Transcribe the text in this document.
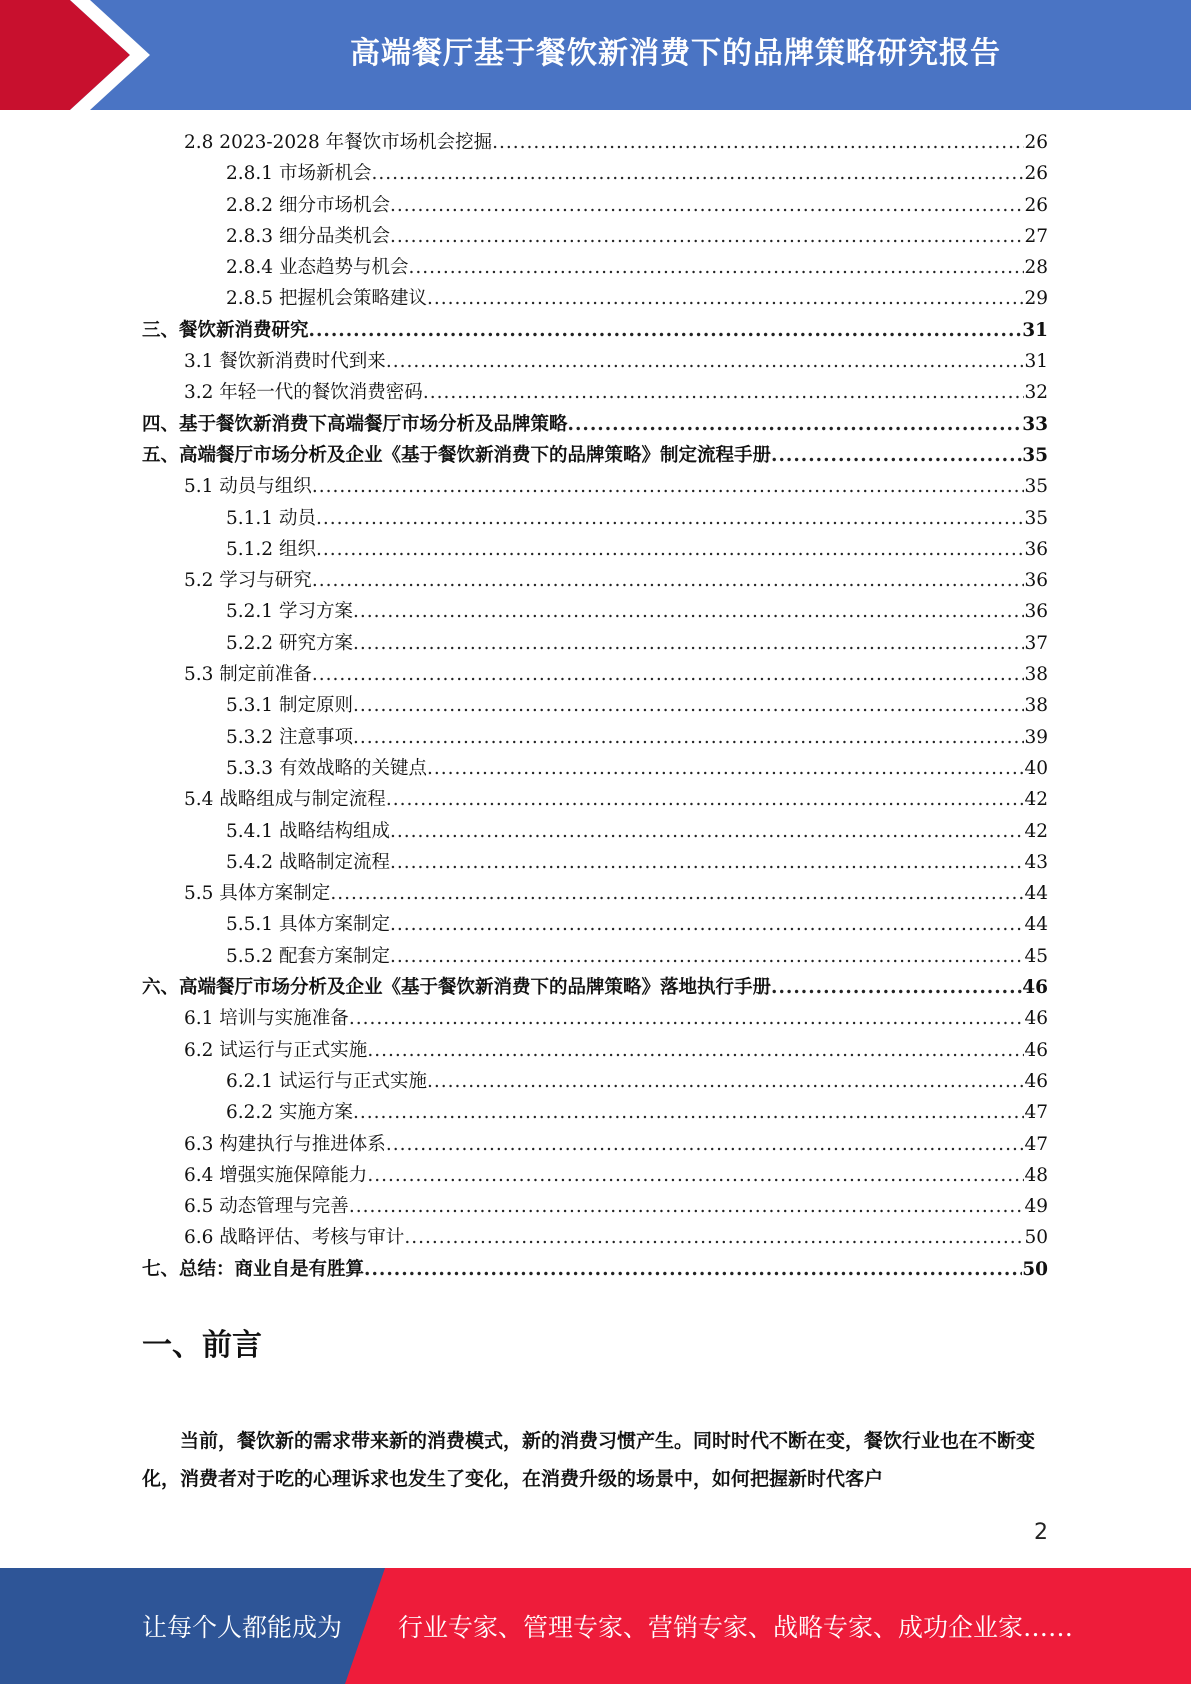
高端餐厅基于餐饮新消费下的品牌策略研究报告
2.8 2023-2028 年餐饮市场机会挖掘 .....	26
2.8.1 市场新机会 .....	26
2.8.2 细分市场机会 .....	26
2.8.3 细分品类机会 .....	27
2.8.4 业态趋势与机会 .....	28
2.8.5 把握机会策略建议 .....	29
三、餐饮新消费研究 .....	31
3.1 餐饮新消费时代到来 .....	31
3.2 年轻一代的餐饮消费密码 .....	32
四、基于餐饮新消费下高端餐厅市场分析及品牌策略 .....	33
五、高端餐厅市场分析及企业《基于餐饮新消费下的品牌策略》制定流程手册 .....	35
5.1 动员与组织 .....	35
5.1.1 动员 .....	35
5.1.2 组织 .....	36
5.2 学习与研究 .....	36
5.2.1 学习方案 .....	36
5.2.2 研究方案 .....	37
5.3 制定前准备 .....	38
5.3.1 制定原则 .....	38
5.3.2 注意事项 .....	39
5.3.3 有效战略的关键点 .....	40
5.4 战略组成与制定流程 .....	42
5.4.1 战略结构组成 .....	42
5.4.2 战略制定流程 .....	43
5.5 具体方案制定 .....	44
5.5.1 具体方案制定 .....	44
5.5.2 配套方案制定 .....	45
六、高端餐厅市场分析及企业《基于餐饮新消费下的品牌策略》落地执行手册 .....	46
6.1 培训与实施准备 .....	46
6.2 试运行与正式实施 .....	46
6.2.1 试运行与正式实施 .....	46
6.2.2 实施方案 .....	47
6.3 构建执行与推进体系 .....	47
6.4 增强实施保障能力 .....	48
6.5 动态管理与完善 .....	49
6.6 战略评估、考核与审计 .....	50
七、总结：商业自是有胜算 .....	50
一、前言

当前，餐饮新的需求带来新的消费模式，新的消费习惯产生。同时时代不断在变，餐饮行业也在不断变化，消费者对于吃的心理诉求也发生了变化，在消费升级的场景中，如何把握新时代客户

2
让每个人都能成为 行业专家、管理专家、营销专家、战略专家、成功企业家……
